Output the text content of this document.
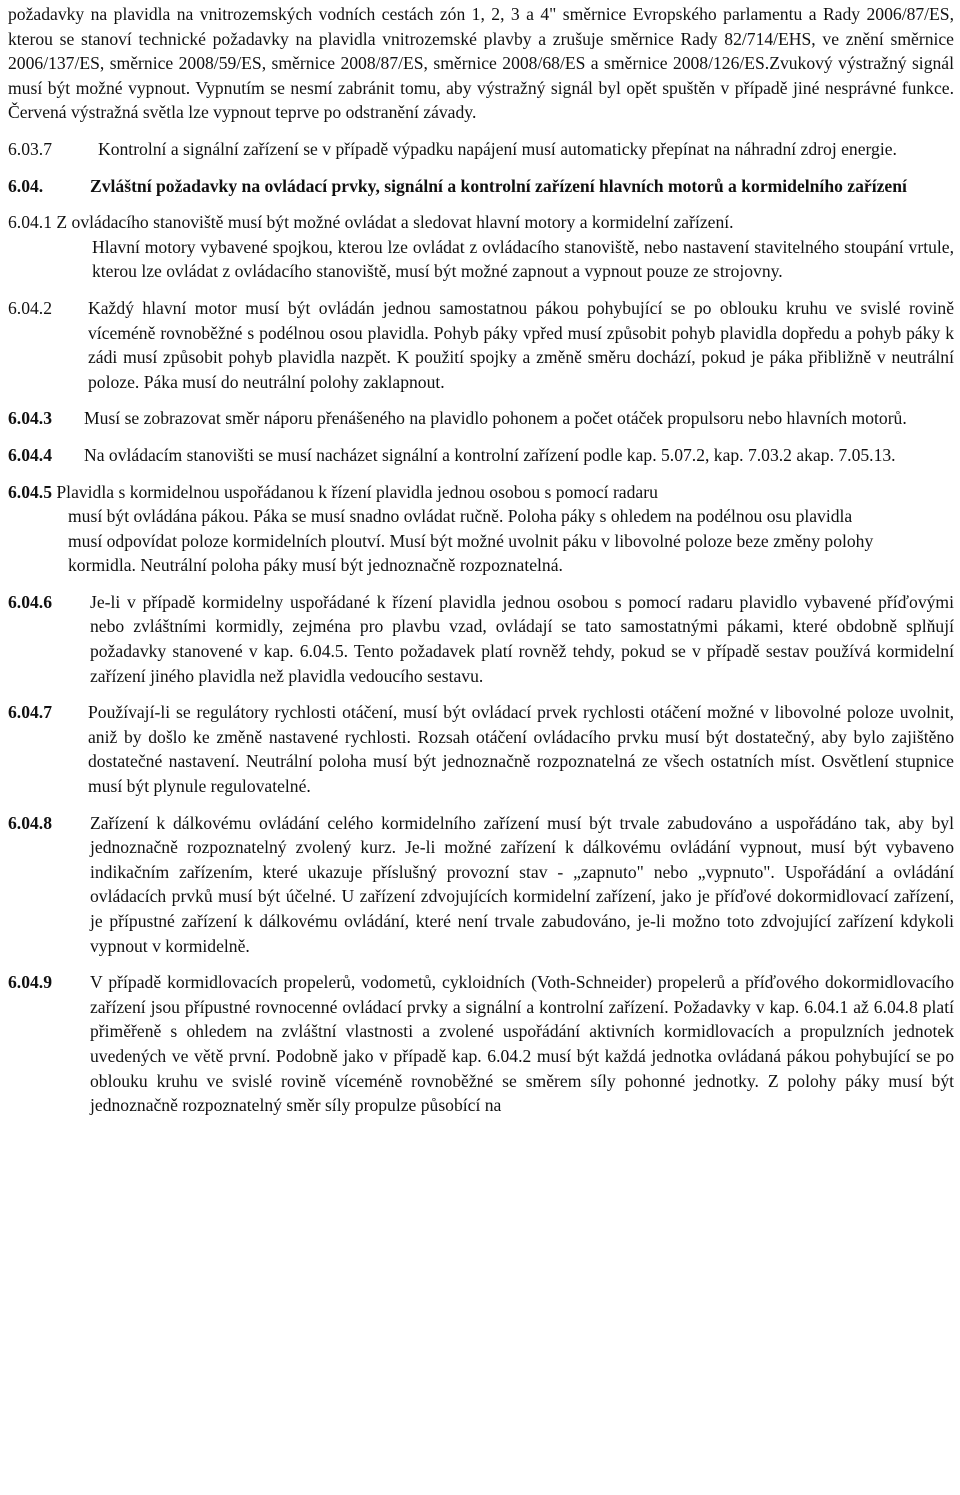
požadavky na plavidla na vnitrozemských vodních cestách zón 1, 2, 3 a 4" směrnice Evropského parlamentu a Rady 2006/87/ES, kterou se stanoví technické požadavky na plavidla vnitrozemské plavby a zrušuje směrnice Rady 82/714/EHS, ve znění směrnice 2006/137/ES, směrnice 2008/59/ES, směrnice 2008/87/ES, směrnice 2008/68/ES a směrnice 2008/126/ES.Zvukový výstražný signál musí být možné vypnout. Vypnutím se nesmí zabránit tomu, aby výstražný signál byl opět spuštěn v případě jiné nesprávné funkce. Červená výstražná světla lze vypnout teprve po odstranění závady.

6.03.7	Kontrolní a signální zařízení se v případě výpadku napájení musí automaticky přepínat na náhradní zdroj energie.
6.04.	Zvláštní požadavky na ovládací prvky, signální a kontrolní zařízení hlavních motorů a kormidelního zařízení
6.04.1 Z ovládacího stanoviště musí být možné ovládat a sledovat hlavní motory a kormidelní zařízení.

Hlavní motory vybavené spojkou, kterou lze ovládat z ovládacího stanoviště, nebo nastavení stavitelného stoupání vrtule, kterou lze ovládat z ovládacího stanoviště, musí být možné zapnout a vypnout pouze ze strojovny.

6.04.2	Každý hlavní motor musí být ovládán jednou samostatnou pákou pohybující se po oblouku kruhu ve svislé rovině víceméně rovnoběžné s podélnou osou plavidla. Pohyb páky vpřed musí způsobit pohyb plavidla dopředu a pohyb páky k zádi musí způsobit pohyb plavidla nazpět. K použití spojky a změně směru dochází, pokud je páka přibližně v neutrální poloze. Páka musí do neutrální polohy zaklapnout.
6.04.3	Musí se zobrazovat směr náporu přenášeného na plavidlo pohonem a počet otáček propulsoru nebo hlavních motorů.
6.04.4	Na ovládacím stanovišti se musí nacházet signální a kontrolní zařízení podle kap. 5.07.2, kap. 7.03.2 akap. 7.05.13.
6.04.5 Plavidla s kormidelnou uspořádanou k řízení plavidla jednou osobou s pomocí radaru

musí být ovládána pákou. Páka se musí snadno ovládat ručně. Poloha páky s ohledem na podélnou osu plavidla musí odpovídat poloze kormidelních ploutví. Musí být možné uvolnit páku v libovolné poloze beze změny polohy kormidla. Neutrální poloha páky musí být jednoznačně rozpoznatelná.

6.04.6	Je-li v případě kormidelny uspořádané k řízení plavidla jednou osobou s pomocí radaru plavidlo vybavené příďovými nebo zvláštními kormidly, zejména pro plavbu vzad, ovládají se tato samostatnými pákami, které obdobně splňují požadavky stanovené v kap. 6.04.5. Tento požadavek platí rovněž tehdy, pokud se v případě sestav používá kormidelní zařízení jiného plavidla než plavidla vedoucího sestavu.
6.04.7	Používají-li se regulátory rychlosti otáčení, musí být ovládací prvek rychlosti otáčení možné v libovolné poloze uvolnit, aniž by došlo ke změně nastavené rychlosti. Rozsah otáčení ovládacího prvku musí být dostatečný, aby bylo zajištěno dostatečné nastavení. Neutrální poloha musí být jednoznačně rozpoznatelná ze všech ostatních míst. Osvětlení stupnice musí být plynule regulovatelné.
6.04.8	Zařízení k dálkovému ovládání celého kormidelního zařízení musí být trvale zabudováno a uspořádáno tak, aby byl jednoznačně rozpoznatelný zvolený kurz. Je-li možné zařízení k dálkovému ovládání vypnout, musí být vybaveno indikačním zařízením, které ukazuje příslušný provozní stav - „zapnuto" nebo „vypnuto". Uspořádání a ovládání ovládacích prvků musí být účelné. U zařízení zdvojujících kormidelní zařízení, jako je příďové dokormidlovací zařízení, je přípustné zařízení k dálkovému ovládání, které není trvale zabudováno, je-li možno toto zdvojující zařízení kdykoli vypnout v kormidelně.
6.04.9	V případě kormidlovacích propelerů, vodometů, cykloidních (Voth-Schneider) propelerů a příďového dokormidlovacího zařízení jsou přípustné rovnocenné ovládací prvky a signální a kontrolní zařízení. Požadavky v kap. 6.04.1 až 6.04.8 platí přiměřeně s ohledem na zvláštní vlastnosti a zvolené uspořádání aktivních kormidlovacích a propulzních jednotek uvedených ve větě první. Podobně jako v případě kap. 6.04.2 musí být každá jednotka ovládaná pákou pohybující se po oblouku kruhu ve svislé rovině víceméně rovnoběžné se směrem síly pohonné jednotky. Z polohy páky musí být jednoznačně rozpoznatelný směr síly propulze působící na
